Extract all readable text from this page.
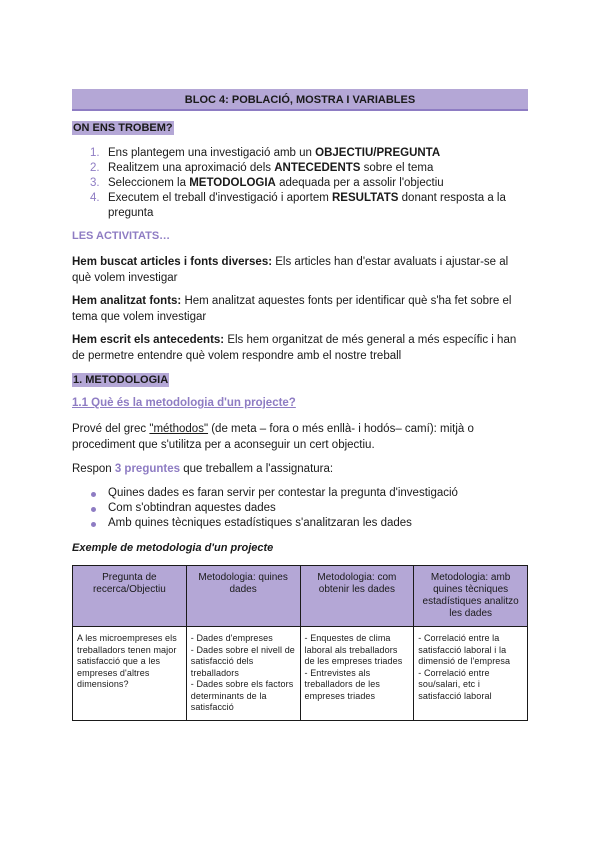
BLOC 4: POBLACIÓ, MOSTRA I VARIABLES
ON ENS TROBEM?
1. Ens plantegem una investigació amb un OBJECTIU/PREGUNTA
2. Realitzem una aproximació dels ANTECEDENTS sobre el tema
3. Seleccionem la METODOLOGIA adequada per a assolir l'objectiu
4. Executem el treball d'investigació i aportem RESULTATS donant resposta a la pregunta
LES ACTIVITATS…

Hem buscat articles i fonts diverses: Els articles han d'estar avaluats i ajustar-se al què volem investigar

Hem analitzat fonts: Hem analitzat aquestes fonts per identificar què s'ha fet sobre el tema que volem investigar

Hem escrit els antecedents: Els hem organitzat de més general a més específic i han de permetre entendre què volem respondre amb el nostre treball

1. METODOLOGIA
1.1 Què és la metodologia d'un projecte?

Prové del grec "méthodos" (de meta – fora o més enllà- i hodós– camí): mitjà o procediment que s'utilitza per a aconseguir un cert objectiu.

Respon 3 preguntes que treballem a l'assignatura:

Quines dades es faran servir per contestar la pregunta d'investigació
Com s'obtindran aquestes dades
Amb quines tècniques estadístiques s'analitzaran les dades
Exemple de metodologia d'un projecte
Pregunta de recerca/Objectiu	Metodologia: quines dades	Metodologia: com obtenir les dades	Metodologia: amb quines tècniques estadístiques analitzo les dades
A les microempreses els treballadors tenen major satisfacció que a les empreses d'altres dimensions?	- Dades d'empreses
- Dades sobre el nivell de satisfacció dels treballadors
- Dades sobre els factors determinants de la satisfacció	- Enquestes de clima laboral als treballadors de les empreses triades
- Entrevistes als treballadors de les empreses triades	- Correlació entre la satisfacció laboral i la dimensió de l'empresa
- Correlació entre sou/salari, etc i satisfacció laboral
